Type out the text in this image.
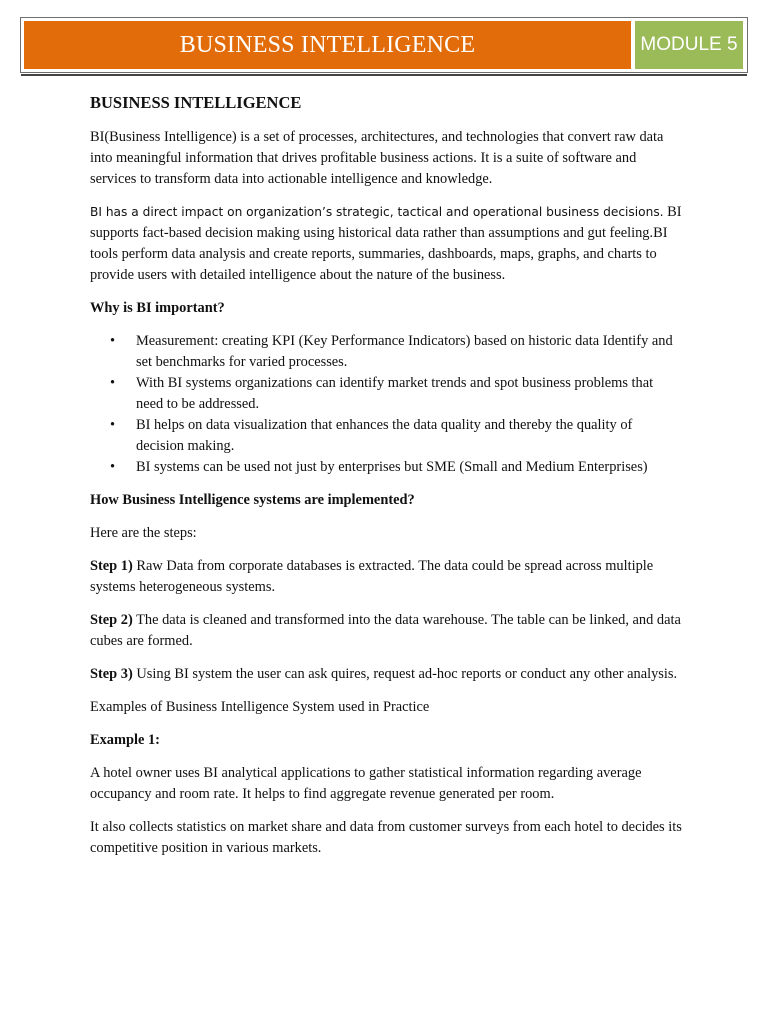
BUSINESS INTELLIGENCE	MODULE 5
BUSINESS INTELLIGENCE

BI(Business Intelligence) is a set of processes, architectures, and technologies that convert raw data into meaningful information that drives profitable business actions. It is a suite of software and services to transform data into actionable intelligence and knowledge.

BI has a direct impact on organization’s strategic, tactical and operational business decisions. BI supports fact-based decision making using historical data rather than assumptions and gut feeling.BI tools perform data analysis and create reports, summaries, dashboards, maps, graphs, and charts to provide users with detailed intelligence about the nature of the business.

Why is BI important?

• Measurement: creating KPI (Key Performance Indicators) based on historic data Identify and set benchmarks for varied processes.
• With BI systems organizations can identify market trends and spot business problems that need to be addressed.
• BI helps on data visualization that enhances the data quality and thereby the quality of decision making.
• BI systems can be used not just by enterprises but SME (Small and Medium Enterprises)

How Business Intelligence systems are implemented?

Here are the steps:

Step 1) Raw Data from corporate databases is extracted. The data could be spread across multiple systems heterogeneous systems.

Step 2) The data is cleaned and transformed into the data warehouse. The table can be linked, and data cubes are formed.

Step 3) Using BI system the user can ask quires, request ad-hoc reports or conduct any other analysis.

Examples of Business Intelligence System used in Practice

Example 1:

A hotel owner uses BI analytical applications to gather statistical information regarding average occupancy and room rate. It helps to find aggregate revenue generated per room.

It also collects statistics on market share and data from customer surveys from each hotel to decides its competitive position in various markets.
